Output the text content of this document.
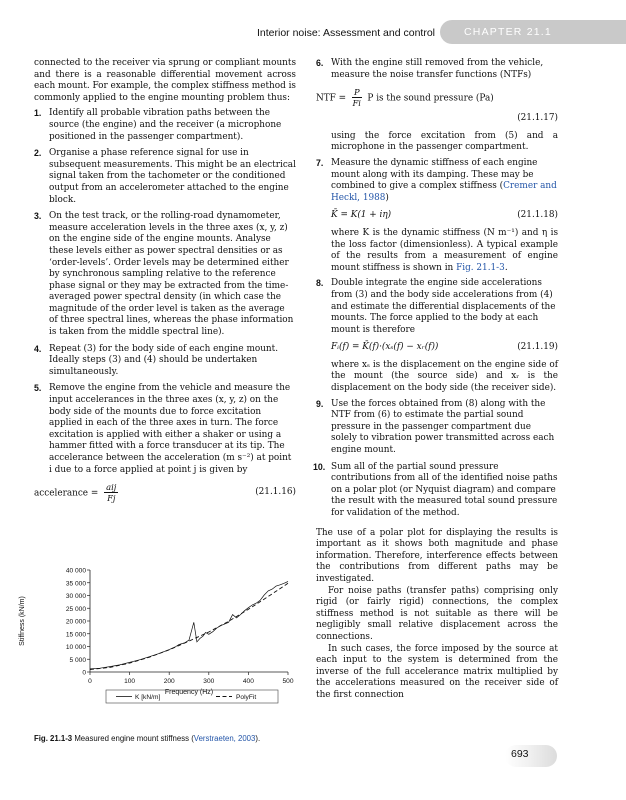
Interior noise: Assessment and control	CHAPTER 21.1

connected to the receiver via sprung or compliant mounts and there is a reasonable differential movement across each mount. For example, the complex stiffness method is commonly applied to the engine mounting problem thus:

1. Identify all probable vibration paths between the source (the engine) and the receiver (a microphone positioned in the passenger compartment).
2. Organise a phase reference signal for use in subsequent measurements. This might be an electrical signal taken from the tachometer or the conditioned output from an accelerometer attached to the engine block.
3. On the test track, or the rolling-road dynamometer, measure acceleration levels in the three axes (x, y, z) on the engine side of the engine mounts. Analyse these levels either as power spectral densities or as ‘order-levels’. Order levels may be determined either by synchronous sampling relative to the reference phase signal or they may be extracted from the time-averaged power spectral density (in which case the magnitude of the order level is taken as the average of three spectral lines, whereas the phase information is taken from the middle spectral line).
4. Repeat (3) for the body side of each engine mount. Ideally steps (3) and (4) should be undertaken simultaneously.
5. Remove the engine from the vehicle and measure the input accelerances in the three axes (x, y, z) on the body side of the mounts due to force excitation applied in each of the three axes in turn. The force excitation is applied with either a shaker or using a hammer fitted with a force transducer at its tip. The accelerance between the acceleration (m s⁻²) at point i due to a force applied at point j is given by
accelerance = $\frac{\text{aij}}{Fj}$	(21.1.16)
0
5 000
10 000
15 000
20 000
25 000
30 000
35 000
40 000
0	100	200	300	400	500
Frequency (Hz)
Stiffness (kN/m)
K [kN/m]	PolyFit
Fig. 21.1-3 Measured engine mount stiffness (Verstraeten, 2003).
6. With the engine still removed from the vehicle, measure the noise transfer functions (NTFs)
NTF = $\frac{P}{Fi}$ P is the sound pressure (Pa)
(21.1.17)

using the force excitation from (5) and a microphone in the passenger compartment.

7. Measure the dynamic stiffness of each engine mount along with its damping. These may be combined to give a complex stiffness (Cremer and Heckl, 1988)
K̄ = K(1 + iη)	(21.1.18)

where K is the dynamic stiffness (N m⁻¹) and η is the loss factor (dimensionless). A typical example of the results from a measurement of engine mount stiffness is shown in Fig. 21.1-3.

8. Double integrate the engine side accelerations from (3) and the body side accelerations from (4) and estimate the differential displacements of the mounts. The force applied to the body at each mount is therefore
Fᵢ(f) = K̄(f)·(xₛ(f) − xᵣ(f))	(21.1.19)

where xₛ is the displacement on the engine side of the mount (the source side) and xᵣ is the displacement on the body side (the receiver side).

9. Use the forces obtained from (8) along with the NTF from (6) to estimate the partial sound pressure in the passenger compartment due solely to vibration power transmitted across each engine mount.
10. Sum all of the partial sound pressure contributions from all of the identified noise paths on a polar plot (or Nyquist diagram) and compare the result with the measured total sound pressure for validation of the method.

The use of a polar plot for displaying the results is important as it shows both magnitude and phase information. Therefore, interference effects between the contributions from different paths may be investigated.

For noise paths (transfer paths) comprising only rigid (or fairly rigid) connections, the complex stiffness method is not suitable as there will be negligibly small relative displacement across the connections.

In such cases, the force imposed by the source at each input to the system is determined from the inverse of the full accelerance matrix multiplied by the accelerations measured on the receiver side of the first connection

693
